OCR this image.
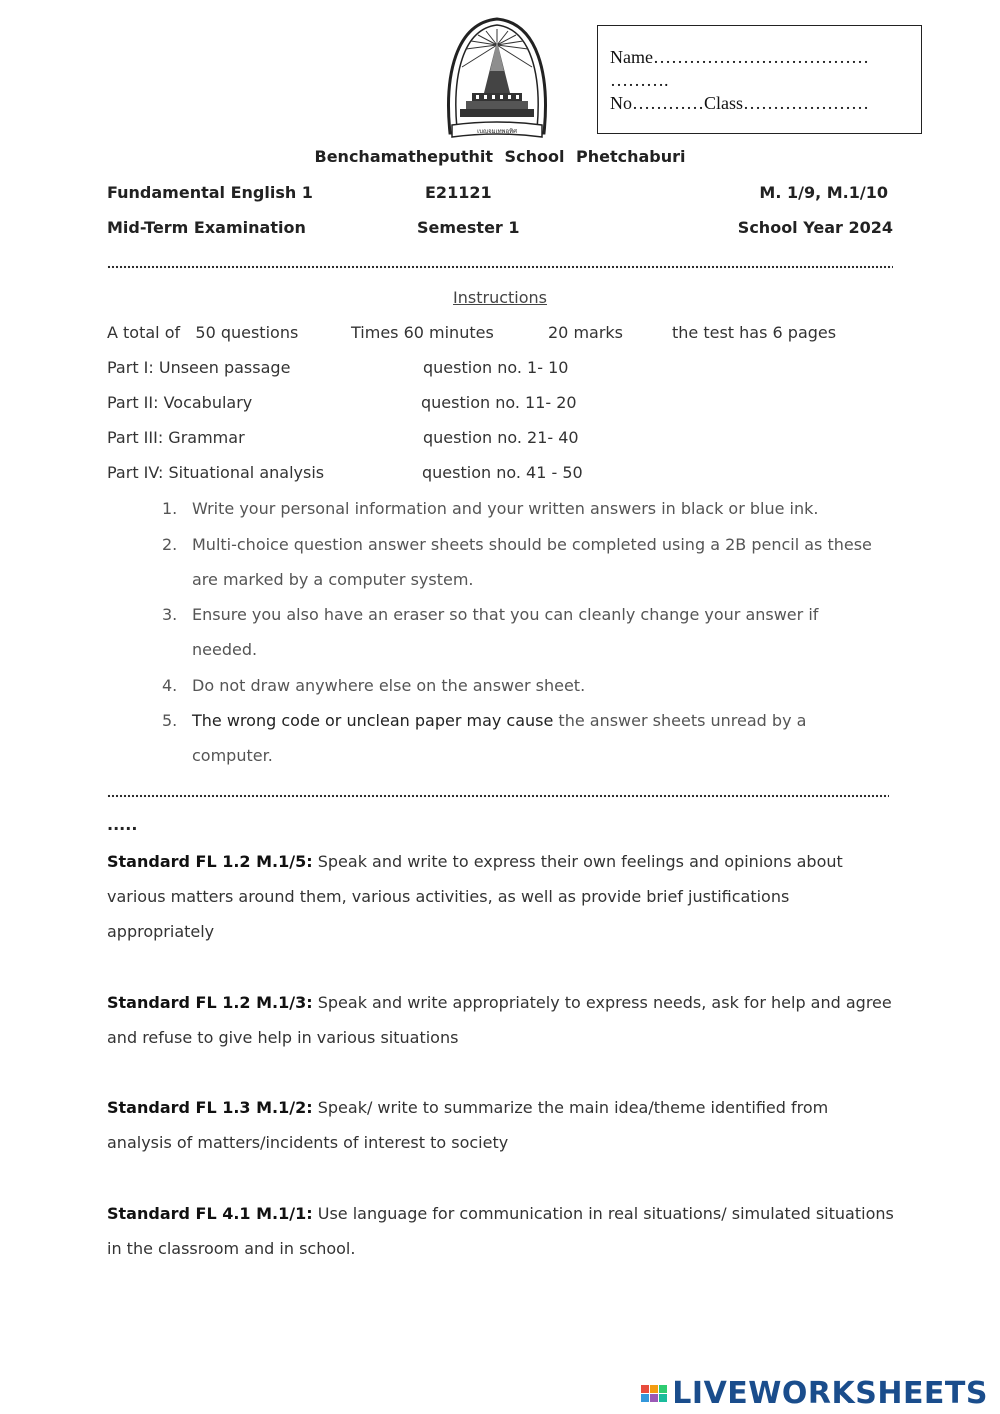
เบญจมเทพอุทิศ
Name………………………………
……….
No…………Class…………………
Benchamatheputhit School Phetchaburi
Fundamental English 1	E21121	M. 1/9, M.1/10
Mid-Term Examination	Semester 1	School Year 2024
Instructions
A total of   50 questions	Times 60 minutes	20 marks	the test has 6 pages
Part I: Unseen passage	question no. 1- 10
Part II: Vocabulary	question no. 11- 20
Part III: Grammar	question no. 21- 40
Part IV: Situational analysis	question no. 41 - 50
1. Write your personal information and your written answers in black or blue ink.
2. Multi-choice question answer sheets should be completed using a 2B pencil as these are marked by a computer system.
3. Ensure you also have an eraser so that you can cleanly change your answer if needed.
4. Do not draw anywhere else on the answer sheet.
5. The wrong code or unclean paper may cause the answer sheets unread by a computer.
.....
Standard FL 1.2 M.1/5: Speak and write to express their own feelings and opinions about various matters around them, various activities, as well as provide brief justifications appropriately
Standard FL 1.2 M.1/3: Speak and write appropriately to express needs, ask for help and agree and refuse to give help in various situations
Standard FL 1.3 M.1/2: Speak/ write to summarize the main idea/theme identified from analysis of matters/incidents of interest to society
Standard FL 4.1 M.1/1: Use language for communication in real situations/ simulated situations in the classroom and in school.
LIVEWORKSHEETS
